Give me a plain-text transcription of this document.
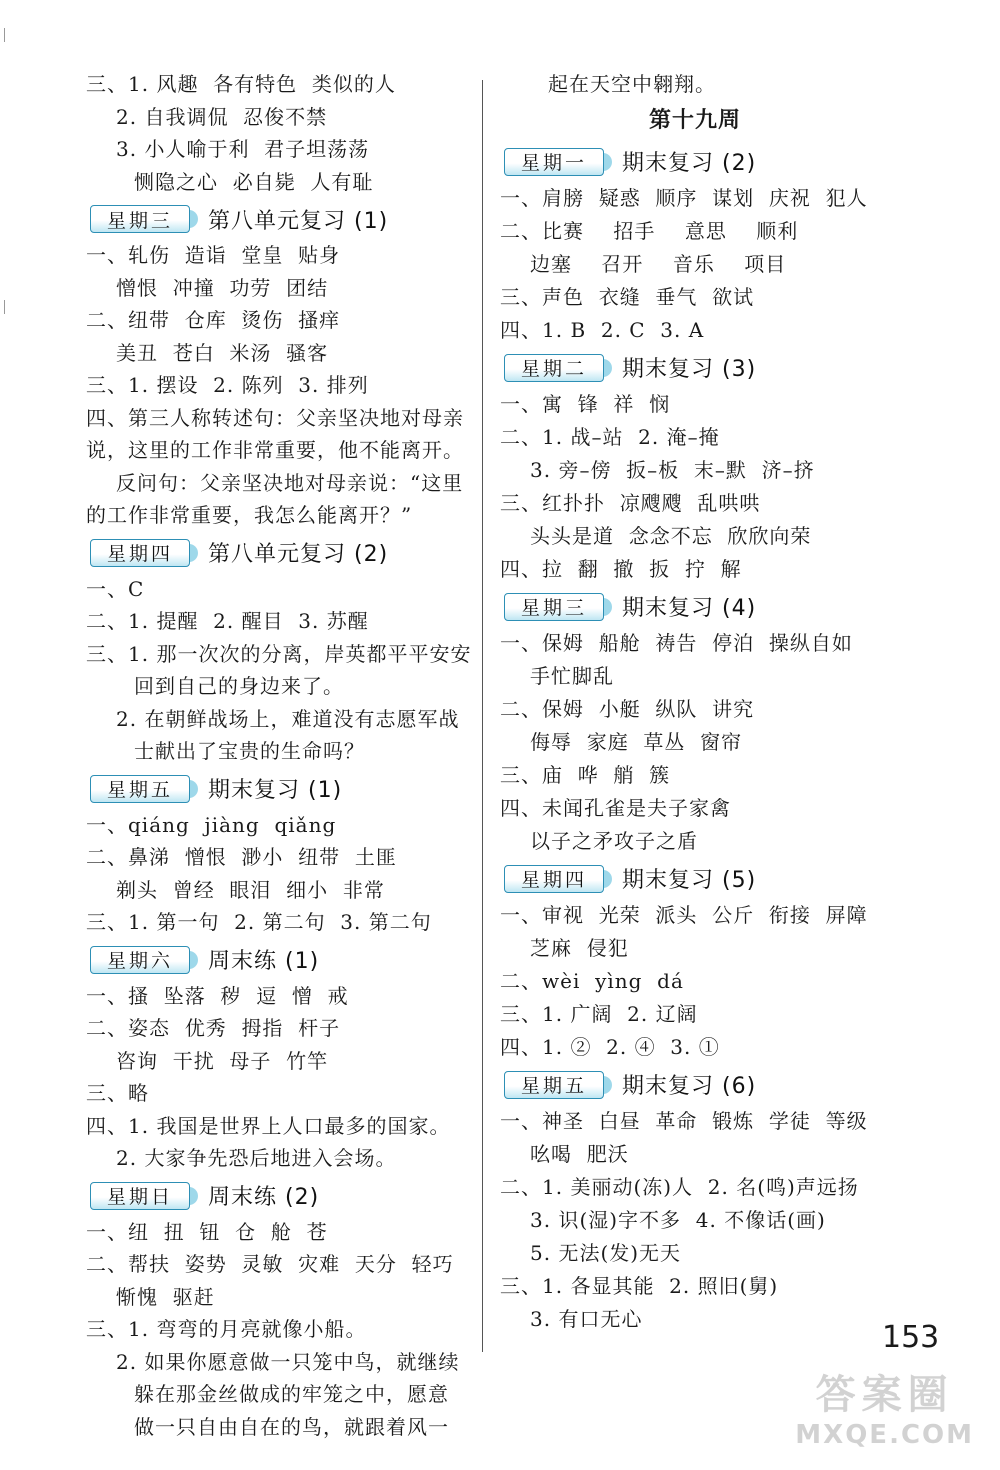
三、1. 风趣  各有特色  类似的人
2. 自我调侃  忍俊不禁
3. 小人喻于利  君子坦荡荡
恻隐之心  必自毙  人有耻
星期三 第八单元复习 (1)
一、轧伤  造诣  堂皇  贴身
憎恨  冲撞  功劳  团结
二、纽带  仓库  烫伤  搔痒
美丑  苍白  米汤  骚客
三、1. 摆设  2. 陈列  3. 排列
四、第三人称转述句：父亲坚决地对母亲
说，这里的工作非常重要，他不能离开。
反问句：父亲坚决地对母亲说：“这里
的工作非常重要，我怎么能离开？”
星期四 第八单元复习 (2)
一、C
二、1. 提醒  2. 醒目  3. 苏醒
三、1. 那一次次的分离，岸英都平平安安
回到自己的身边来了。
2. 在朝鲜战场上，难道没有志愿军战
士献出了宝贵的生命吗？
星期五 期末复习 (1)
一、qiáng  jiàng  qiǎng
二、鼻涕  憎恨  渺小  纽带  土匪
剃头  曾经  眼泪  细小  非常
三、1. 第一句  2. 第二句  3. 第二句
星期六 周末练 (1)
一、搔  坠落  秽  逗  憎  戒
二、姿态  优秀  拇指  杆子
咨询  干扰  母子  竹竿
三、略
四、1. 我国是世界上人口最多的国家。
2. 大家争先恐后地进入会场。
星期日 周末练 (2)
一、纽  扭  钮  仓  舱  苍
二、帮扶  姿势  灵敏  灾难  天分  轻巧
惭愧  驱赶
三、1. 弯弯的月亮就像小船。
2. 如果你愿意做一只笼中鸟，就继续
躲在那金丝做成的牢笼之中，愿意
做一只自由自在的鸟，就跟着风一
起在天空中翱翔。
第十九周
星期一 期末复习 (2)
一、肩膀  疑惑  顺序  谋划  庆祝  犯人
二、比赛    招手    意思    顺利
边塞    召开    音乐    项目
三、声色  衣缝  垂气  欲试
四、1. B  2. C  3. A
星期二 期末复习 (3)
一、寓  锋  祥  悯
二、1. 战–站  2. 淹–掩
3. 旁–傍  扳–板  末–默  济–挤
三、红扑扑  凉飕飕  乱哄哄
头头是道  念念不忘  欣欣向荣
四、拉  翻  撤  扳  拧  解
星期三 期末复习 (4)
一、保姆  船舱  祷告  停泊  操纵自如
手忙脚乱
二、保姆  小艇  纵队  讲究
侮辱  家庭  草丛  窗帘
三、庙  哗  艄  簇
四、未闻孔雀是夫子家禽
以子之矛攻子之盾
星期四 期末复习 (5)
一、审视  光荣  派头  公斤  衔接  屏障
芝麻  侵犯
二、wèi  yìng  dá
三、1. 广阔  2. 辽阔
四、1. ②  2. ④  3. ①
星期五 期末复习 (6)
一、神圣  白昼  革命  锻炼  学徒  等级
吆喝  肥沃
二、1. 美丽动(冻)人  2. 名(鸣)声远扬
3. 识(湿)字不多  4. 不像话(画)
5. 无法(发)无天
三、1. 各显其能  2. 照旧(舅)
3. 有口无心
153
答案圈
MXQE.COM
